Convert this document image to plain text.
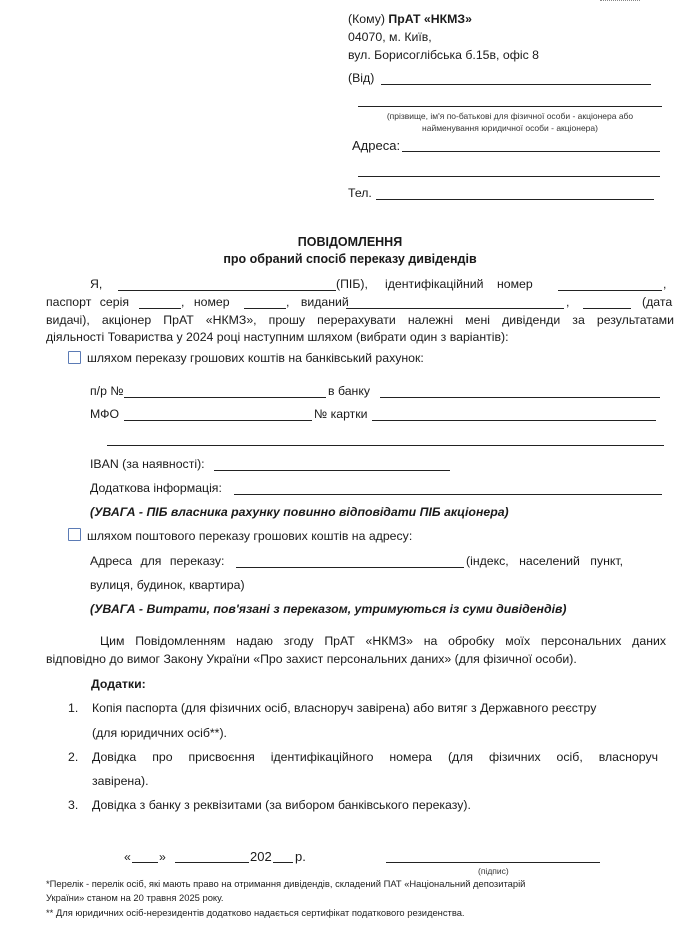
(Кому) ПрАТ «НКМЗ»
04070, м. Київ,
вул. Борисоглібська б.15в, офіс 8
(Від)
(прізвище, ім'я по-батькові для фізичної особи - акціонера або
найменування юридичної особи - акціонера)
Адреса:
Тел.
ПОВІДОМЛЕННЯ
про обраний спосіб переказу дивідендів
Я,	(ПІБ), ідентифікаційний номер	,
паспорт серія	, номер	, виданий	,	(дата
видачі), акціонер ПрАТ «НКМЗ», прошу перерахувати належні мені дивіденди за результатами
діяльності Товариства у 2024 році наступним шляхом (вибрати один з варіантів):
шляхом переказу грошових коштів на банківський рахунок:
п/р №	в банку
МФО	№ картки
IBAN (за наявності):
Додаткова інформація:
(УВАГА - ПІБ власника рахунку повинно відповідати ПІБ акціонера)
шляхом поштового переказу грошових коштів на адресу:
Адреса для переказу:	(індекс, населений пункт,
вулиця, будинок, квартира)
(УВАГА - Витрати, пов'язані з переказом, утримуються із суми дивідендів)
Цим Повідомленням надаю згоду ПрАТ «НКМЗ» на обробку моїх персональних даних
відповідно до вимог Закону України «Про захист персональних даних» (для фізичної особи).
Додатки:
1. Копія паспорта (для фізичних осіб, власноруч завірена) або витяг з Державного реєстру
(для юридичних осіб**).
2. Довідка про присвоєння ідентифікаційного номера (для фізичних осіб, власноруч
завірена).
3. Довідка з банку з реквізитами (за вибором банківського переказу).
« »	202 р.
(підпис)
*Перелік - перелік осіб, які мають право на отримання дивідендів, складений ПАТ «Національний депозитарій
України» станом на 20 травня 2025 року.
** Для юридичних осіб-нерезидентів додатково надається сертифікат податкового резиденства.
